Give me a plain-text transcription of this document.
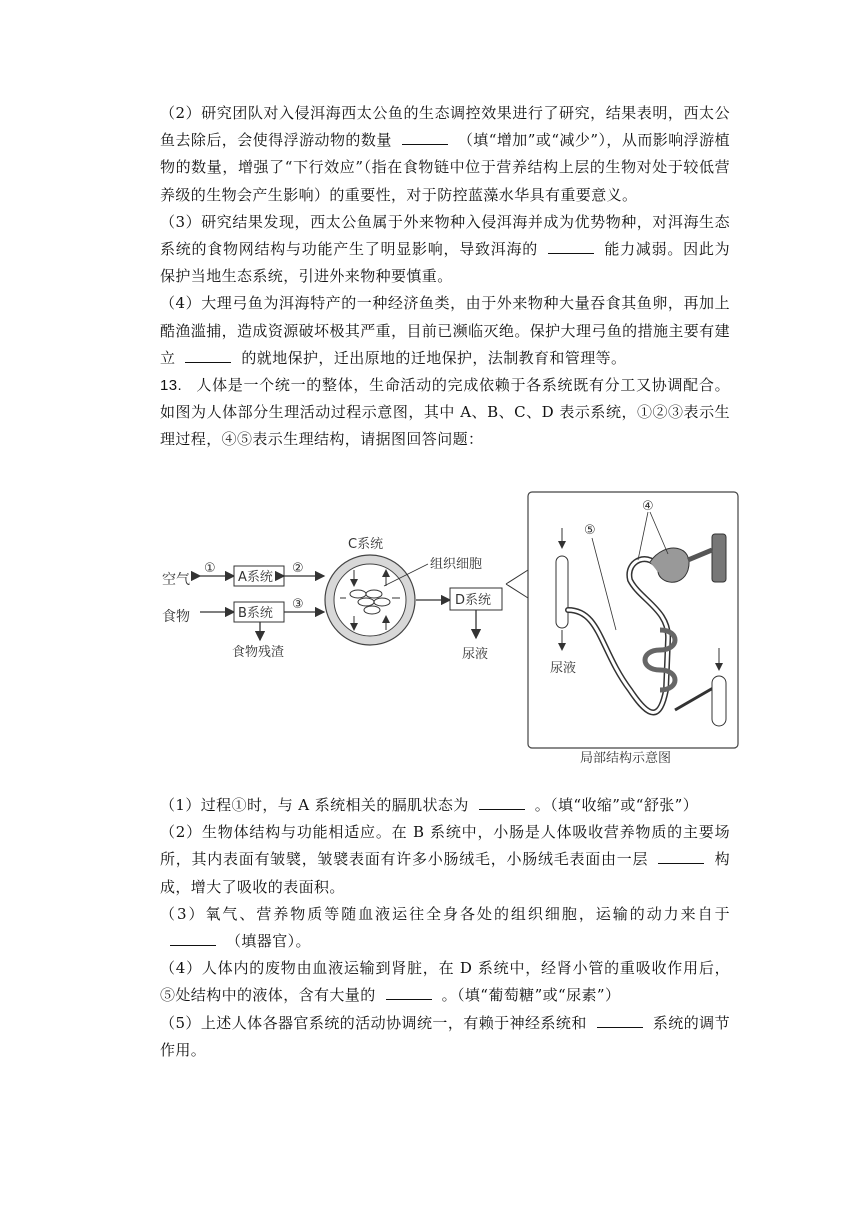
（2）研究团队对入侵洱海西太公鱼的生态调控效果进行了研究，结果表明，西太公鱼去除后，会使得浮游动物的数量	（填“增加”或“减少”），从而影响浮游植物的数量，增强了“下行效应”（指在食物链中位于营养结构上层的生物对处于较低营养级的生物会产生影响）的重要性，对于防控蓝藻水华具有重要意义。

（3）研究结果发现，西太公鱼属于外来物种入侵洱海并成为优势物种，对洱海生态系统的食物网结构与功能产生了明显影响，导致洱海的	能力减弱。因此为保护当地生态系统，引进外来物种要慎重。

（4）大理弓鱼为洱海特产的一种经济鱼类，由于外来物种大量吞食其鱼卵，再加上酷渔滥捕，造成资源破坏极其严重，目前已濒临灭绝。保护大理弓鱼的措施主要有建立	的就地保护，迁出原地的迁地保护，法制教育和管理等。

13. 人体是一个统一的整体，生命活动的完成依赖于各系统既有分工又协调配合。如图为人体部分生理活动过程示意图，其中 A、B、C、D 表示系统，①②③表示生理过程，④⑤表示生理结构，请据图回答问题：

空气
食物
①
A系统
②
B系统
③
食物残渣
C系统
组织细胞
D系统
尿液
局部结构示意图
尿液
④
⑤

（1）过程①时，与 A 系统相关的膈肌状态为	。（填“收缩”或“舒张”）

（2）生物体结构与功能相适应。在 B 系统中，小肠是人体吸收营养物质的主要场所，其内表面有皱襞，皱襞表面有许多小肠绒毛，小肠绒毛表面由一层	构成，增大了吸收的表面积。

（3）氧气、营养物质等随血液运往全身各处的组织细胞，运输的动力来自于（填器官）。

（4）人体内的废物由血液运输到肾脏，在 D 系统中，经肾小管的重吸收作用后，⑤处结构中的液体，含有大量的	。（填“葡萄糖”或“尿素”）

（5）上述人体各器官系统的活动协调统一，有赖于神经系统和	系统的调节作用。
